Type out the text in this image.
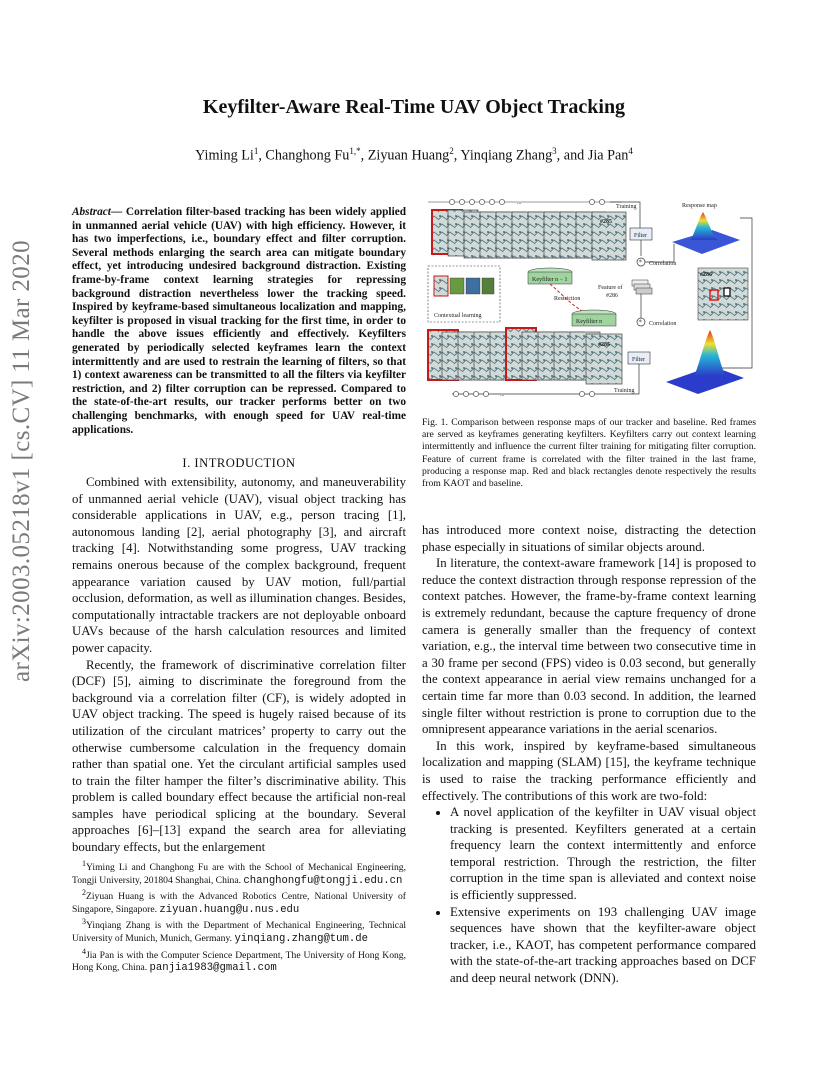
arXiv:2003.05218v1 [cs.CV] 11 Mar 2020
Keyfilter-Aware Real-Time UAV Object Tracking
Yiming Li$^1$, Changhong $Fu^{1,*}$, Ziyuan Huang$^2$, Yinqiang Zhang$^3$, and Jia Pan$^4$
Abstract— Correlation filter-based tracking has been widely applied in unmanned aerial vehicle (UAV) with high efficiency. However, it has two imperfections, i.e., boundary effect and filter corruption. Several methods enlarging the search area can mitigate boundary effect, yet introducing undesired background distraction. Existing frame-by-frame context learning strategies for repressing background distraction nevertheless lower the tracking speed. Inspired by keyframe-based simultaneous localization and mapping, keyfilter is proposed in visual tracking for the first time, in order to handle the above issues efficiently and effectively. Keyfilters generated by periodically selected keyframes learn the context intermittently and are used to restrain the learning of filters, so that 1) context awareness can be transmitted to all the filters via keyfilter restriction, and 2) filter corruption can be repressed. Compared to the state-of-the-art results, our tracker performs better on two challenging benchmarks, with enough speed for UAV real-time applications.
I. INTRODUCTION

Combined with extensibility, autonomy, and maneuverability of unmanned aerial vehicle (UAV), visual object tracking has considerable applications in UAV, e.g., person tracing [1], autonomous landing [2], aerial photography [3], and aircraft tracking [4]. Notwithstanding some progress, UAV tracking remains onerous because of the complex background, frequent appearance variation caused by UAV motion, full/partial occlusion, deformation, as well as illumination changes. Besides, computationally intractable trackers are not deployable onboard UAVs because of the harsh calculation resources and limited power capacity.

Recently, the framework of discriminative correlation filter (DCF) [5], aiming to discriminate the foreground from the background via a correlation filter (CF), is widely adopted in UAV object tracking. The speed is hugely raised because of its utilization of the circulant matrices’ property to carry out the otherwise cumbersome calculation in the frequency domain rather than spatial one. Yet the circulant artificial samples used to train the filter hamper the filter’s discriminative ability. This problem is called boundary effect because the artificial non-real samples have periodical splicing at the boundary. Several approaches [6]–[13] expand the search area for alleviating boundary effects, but the enlargement

$^1$Yiming Li and Changhong Fu are with the School of Mechanical Engineering, Tongji University, 201804 Shanghai, China. changhongfu@tongji.edu.cn

$^2$Ziyuan Huang is with the Advanced Robotics Centre, National University of Singapore, Singapore. ziyuan.huang@u.nus.edu

$^3$Yinqiang Zhang is with the Department of Mechanical Engineering, Technical University of Munich, Munich, Germany. yinqiang.zhang@tum.de

$^4$Jia Pan is with the Computer Science Department, The University of Hong Kong, Hong Kong, China. panjia1983@gmail.com

...
#285
Training
Filter
* Correlation
Response map
Contextual learning
Keyfilter n − 1
Restriction
Feature of
#286
Keyfilter n	* Correlation
#286
#285
Filter
Training
...
Fig. 1. Comparison between response maps of our tracker and baseline. Red frames are served as keyframes generating keyfilters. Keyfilters carry out context learning intermittently and influence the current filter training for mitigating filter corruption. Feature of current frame is correlated with the filter trained in the last frame, producing a response map. Red and black rectangles denote respectively the results from KAOT and baseline.

has introduced more context noise, distracting the detection phase especially in situations of similar objects around.

In literature, the context-aware framework [14] is proposed to reduce the context distraction through response repression of the context patches. However, the frame-by-frame context learning is extremely redundant, because the capture frequency of drone camera is generally smaller than the frequency of context variation, e.g., the interval time between two consecutive time in a 30 frame per second (FPS) video is 0.03 second, but generally the context appearance in aerial view remains unchanged for a certain time far more than 0.03 second. In addition, the learned single filter without restriction is prone to corruption due to the omnipresent appearance variations in the aerial scenarios.

In this work, inspired by keyframe-based simultaneous localization and mapping (SLAM) [15], the keyframe technique is used to raise the tracking performance efficiently and effectively. The contributions of this work are two-fold:

• A novel application of the keyfilter in UAV visual object tracking is presented. Keyfilters generated at a certain frequency learn the context intermittently and enforce temporal restriction. Through the restriction, the filter corruption in the time span is alleviated and context noise is efficiently suppressed.
• Extensive experiments on 193 challenging UAV image sequences have shown that the keyfilter-aware object tracker, i.e., KAOT, has competent performance compared with the state-of-the-art tracking approaches based on DCF and deep neural network (DNN).
